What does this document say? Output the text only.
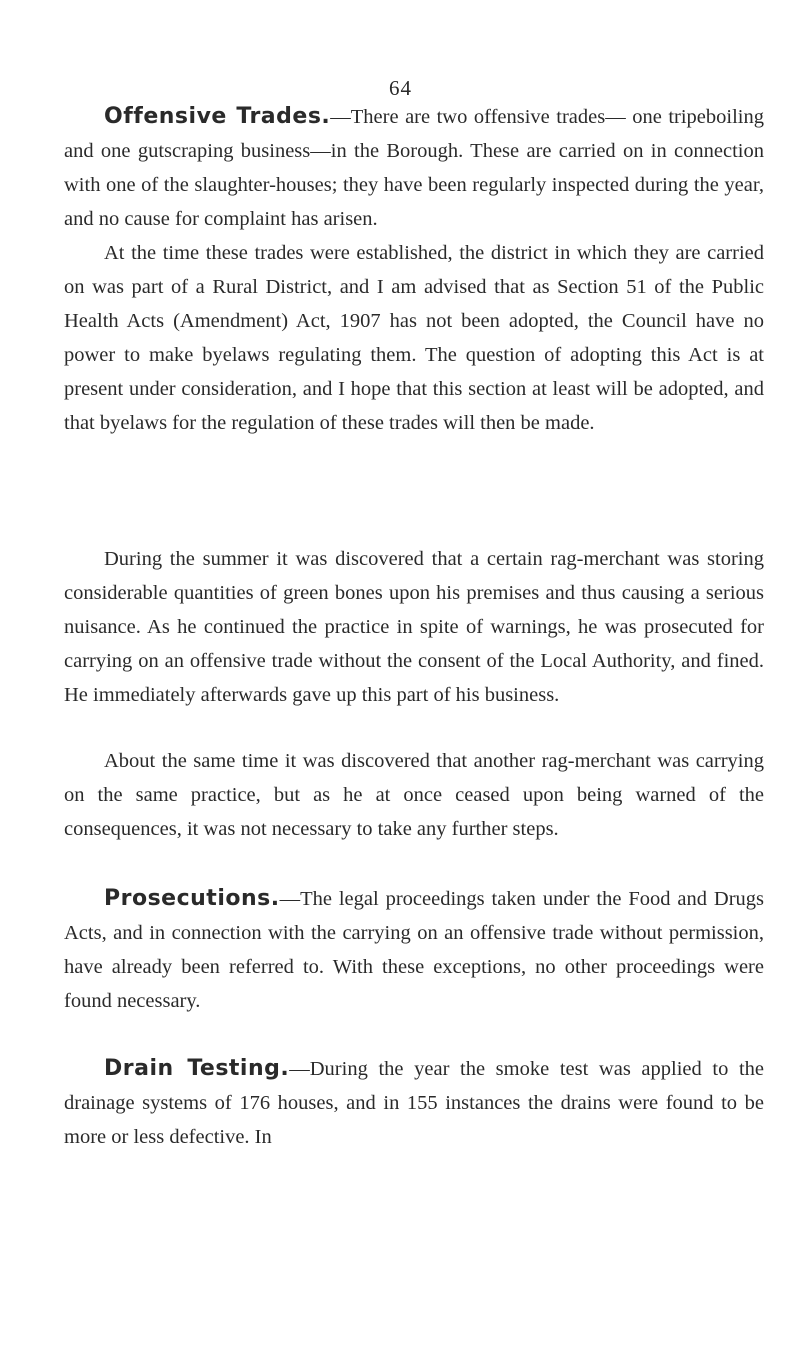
64

Offensive Trades.—There are two offensive trades— one tripeboiling and one gutscraping business—in the Borough. These are carried on in connection with one of the slaughter-houses; they have been regularly inspected during the year, and no cause for complaint has arisen.

At the time these trades were established, the district in which they are carried on was part of a Rural District, and I am advised that as Section 51 of the Public Health Acts (Amendment) Act, 1907 has not been adopted, the Council have no power to make byelaws regulating them. The question of adopting this Act is at present under consideration, and I hope that this section at least will be adopted, and that byelaws for the regulation of these trades will then be made.

During the summer it was discovered that a certain rag-merchant was storing considerable quantities of green bones upon his premises and thus causing a serious nuisance. As he continued the practice in spite of warnings, he was prosecuted for carrying on an offensive trade without the consent of the Local Authority, and fined. He immediately afterwards gave up this part of his business.

About the same time it was discovered that another rag-merchant was carrying on the same practice, but as he at once ceased upon being warned of the consequences, it was not necessary to take any further steps.

Prosecutions.—The legal proceedings taken under the Food and Drugs Acts, and in connection with the carrying on an offensive trade without permission, have already been referred to. With these exceptions, no other proceedings were found necessary.

Drain Testing.—During the year the smoke test was applied to the drainage systems of 176 houses, and in 155 instances the drains were found to be more or less defective. In
